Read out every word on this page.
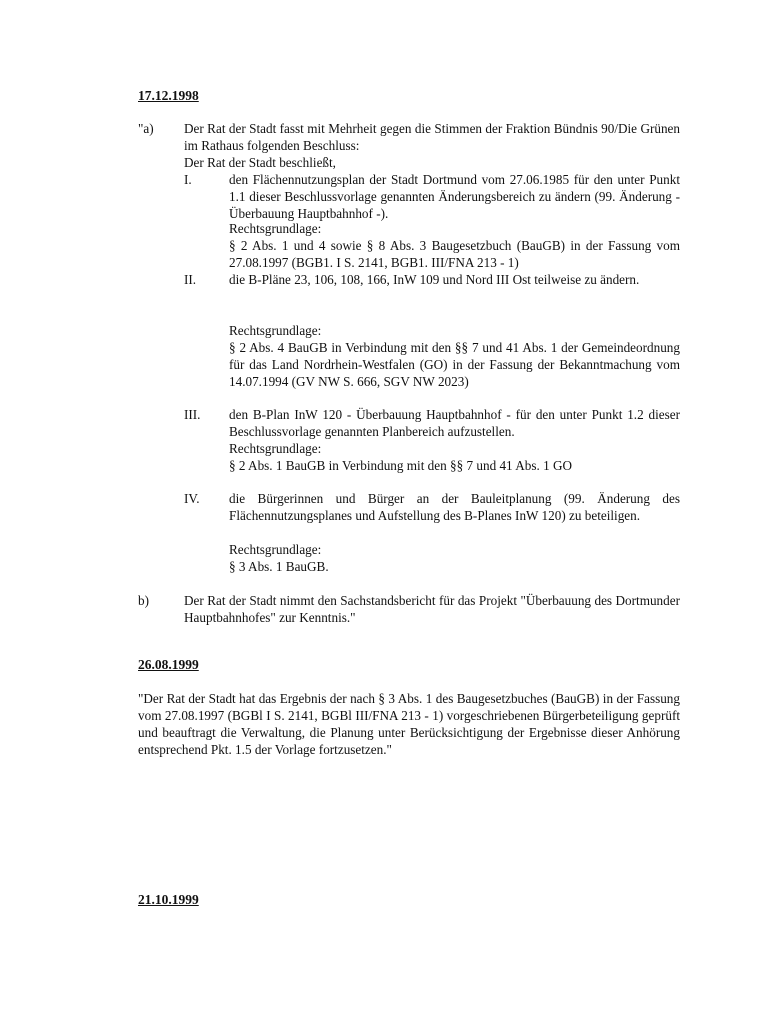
17.12.1998
"a) Der Rat der Stadt fasst mit Mehrheit gegen die Stimmen der Fraktion Bündnis 90/Die Grünen im Rathaus folgenden Beschluss:
Der Rat der Stadt beschließt,
I.	den Flächennutzungsplan der Stadt Dortmund vom 27.06.1985 für den unter Punkt 1.1 dieser Beschlussvorlage genannten Änderungsbereich zu ändern (99. Änderung - Überbauung Hauptbahnhof -).
Rechtsgrundlage:
§ 2 Abs. 1 und 4 sowie § 8 Abs. 3 Baugesetzbuch (BauGB) in der Fassung vom 27.08.1997 (BGB1. I S. 2141, BGB1. III/FNA 213 - 1)
II. die B-Pläne 23, 106, 108, 166, InW 109 und Nord III Ost teilweise zu ändern.
Rechtsgrundlage:
§ 2 Abs. 4 BauGB in Verbindung mit den §§ 7 und 41 Abs. 1 der Gemeindeordnung für das Land Nordrhein-Westfalen (GO) in der Fassung der Bekanntmachung vom 14.07.1994 (GV NW S. 666, SGV NW 2023)
III. den B-Plan InW 120 - Überbauung Hauptbahnhof - für den unter Punkt 1.2 dieser Beschlussvorlage genannten Planbereich aufzustellen.
Rechtsgrundlage:
§ 2 Abs. 1 BauGB in Verbindung mit den §§ 7 und 41 Abs. 1 GO
IV. die Bürgerinnen und Bürger an der Bauleitplanung (99. Änderung des Flächennutzungsplanes und Aufstellung des B-Planes InW 120) zu beteiligen.
Rechtsgrundlage:
§ 3 Abs. 1 BauGB.
b)	Der Rat der Stadt nimmt den Sachstandsbericht für das Projekt "Überbauung des Dortmunder Hauptbahnhofes" zur Kenntnis."
26.08.1999
"Der Rat der Stadt hat das Ergebnis der nach § 3 Abs. 1 des Baugesetzbuches (BauGB) in der Fassung vom 27.08.1997 (BGBl I S. 2141, BGBl III/FNA 213 - 1) vorgeschriebenen Bürgerbeteiligung geprüft und beauftragt die Verwaltung, die Planung unter Berücksichtigung der Ergebnisse dieser Anhörung entsprechend Pkt. 1.5 der Vorlage fortzusetzen."
21.10.1999
